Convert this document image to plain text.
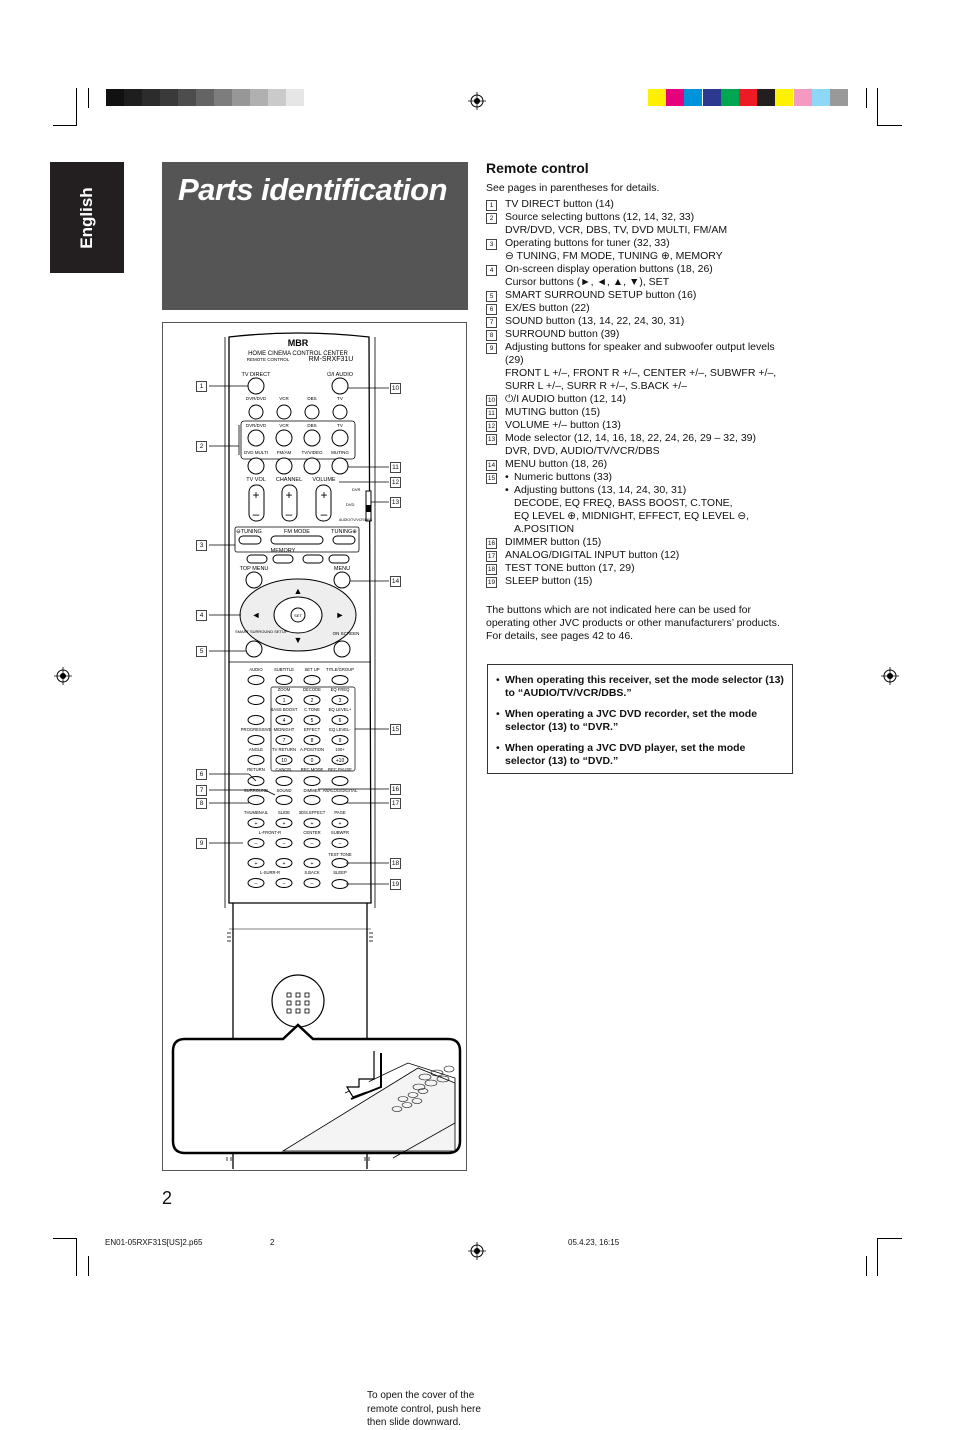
English	Parts identification
MBR
HOME CINEMA CONTROL CENTER
REMOTE CONTROL	RM-SRXF31U
TV DIRECT	⏻/I AUDIO
DVR/DVD	VCR	DBS	TV
DVR/DVD	VCR	DBS	TV
DVD MULTI FM/AM TV/VIDEO MUTING
TV VOL CHANNEL VOLUME
+
–
+
–
+
–
DVR
DVD
AUDIO/TV/VCR/DBS
⊖TUNING	FM MODE	TUNING⊕
MEMORY
TOP MENU	MENU
SET
▲
▼
◄	►
SMART SURROUND SETUP	ON SCREEN
AUDIO	SUBTITLE SET UP TITLE/GROUP
ZOOM	DECODE EQ FREQ
BASS BOOST C.TONE EQ LEVEL+
PROGRESSIVE MIDNIGHT EFFECT EQ LEVEL-
ANGLE TV RETURN A.POSITION	100+
1	2	3
4	5	6
7	8	9
10	0	+10
RETURN	CANCEL REC MODE REC PAUSE
SURROUND SOUND	DIMMER ANALOG/DIGITAL
THUMBNAIL SLIDE 3D/S.EFFECT PAGE
+
–
+
–
+
–
+
–
L-FRONT-R	CENTER SUBWFR
TEST TONE
+
–
+
–
+
–
L-SURR-R	S.BACK	SLEEP
1
2
3
4
5
6
7
8
9
10
11
12
13
14
15
16
17
18
19
To open the cover of the remote control, push here then slide downward.
Remote control
See pages in parentheses for details.
1	TV DIRECT button (14)
2	Source selecting buttons (12, 14, 32, 33)
DVR/DVD, VCR, DBS, TV, DVD MULTI, FM/AM
3	Operating buttons for tuner (32, 33)
⊖ TUNING, FM MODE, TUNING ⊕, MEMORY
4	On-screen display operation buttons (18, 26)
Cursor buttons (►, ◄, ▲, ▼), SET
5	SMART SURROUND SETUP button (16)
6	EX/ES button (22)
7	SOUND button (13, 14, 22, 24, 30, 31)
8	SURROUND button (39)
9	Adjusting buttons for speaker and subwoofer output levels (29)
FRONT L +/–, FRONT R +/–, CENTER +/–, SUBWFR +/–,
SURR L +/–, SURR R +/–, S.BACK +/–
10 ⏻/I AUDIO button (12, 14)
11 MUTING button (15)
12 VOLUME +/– button (13)
13 Mode selector (12, 14, 16, 18, 22, 24, 26, 29 – 32, 39)
DVR, DVD, AUDIO/TV/VCR/DBS
14 MENU button (18, 26)
15
•	Numeric buttons (33)
• Adjusting buttons (13, 14, 24, 30, 31)
DECODE, EQ FREQ, BASS BOOST, C.TONE,
EQ LEVEL ⊕, MIDNIGHT, EFFECT, EQ LEVEL ⊖,
A.POSITION
16 DIMMER button (15)
17 ANALOG/DIGITAL INPUT button (12)
18 TEST TONE button (17, 29)
19 SLEEP button (15)
The buttons which are not indicated here can be used for operating other JVC products or other manufacturers’ products. For details, see pages 42 to 46.
• When operating this receiver, set the mode selector (13) to “AUDIO/TV/VCR/DBS.”
• When operating a JVC DVD recorder, set the mode selector (13) to “DVR.”
• When operating a JVC DVD player, set the mode selector (13) to “DVD.”
2
EN01-05RXF31S[US]2.p65	2	05.4.23, 16:15
